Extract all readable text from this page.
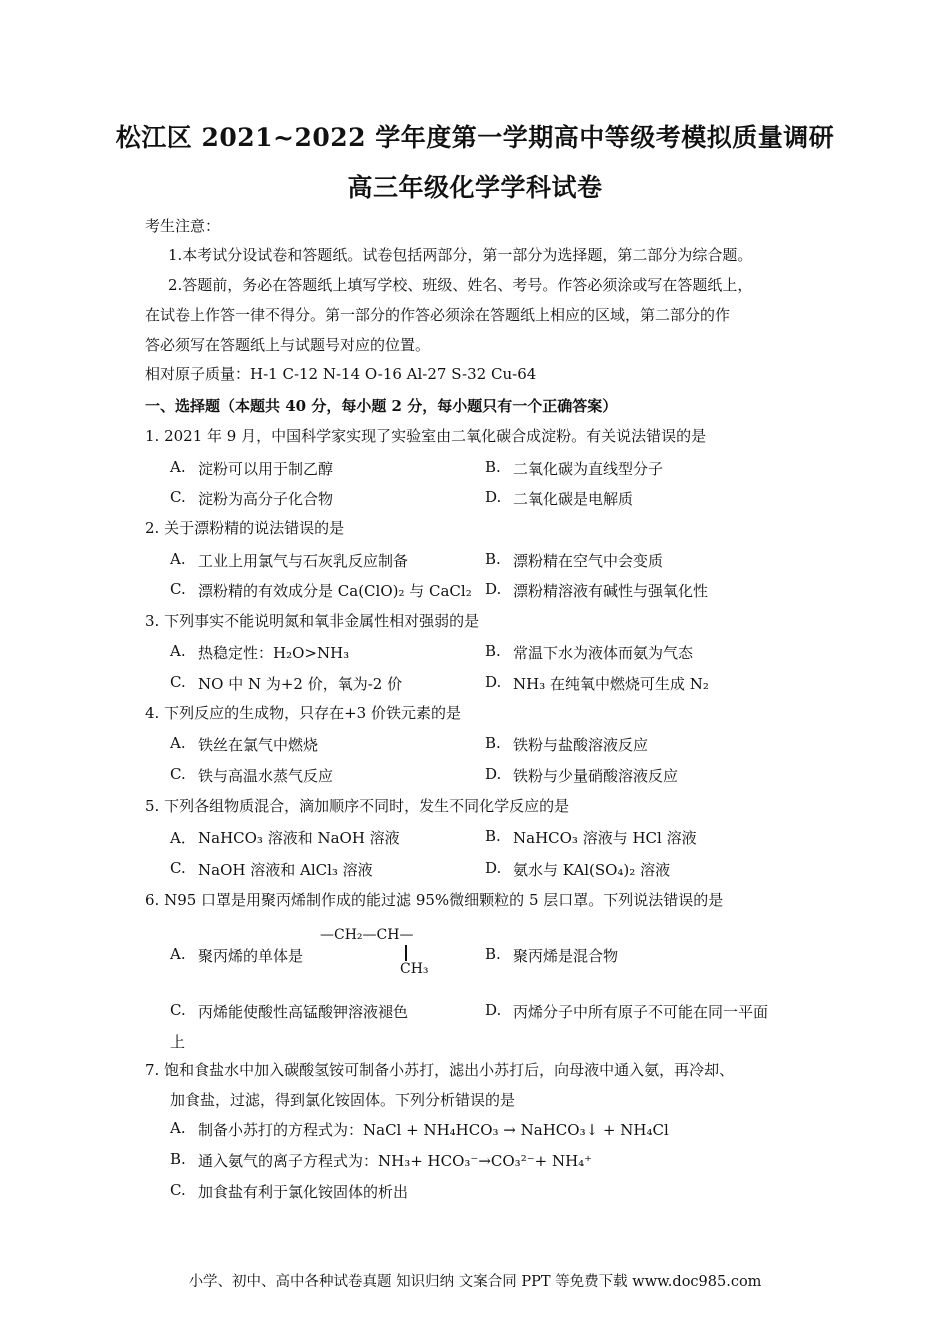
松江区 2021~2022 学年度第一学期高中等级考模拟质量调研
高三年级化学学科试卷
考生注意：
1.本考试分设试卷和答题纸。试卷包括两部分，第一部分为选择题，第二部分为综合题。
2.答题前，务必在答题纸上填写学校、班级、姓名、考号。作答必须涂或写在答题纸上，
在试卷上作答一律不得分。第一部分的作答必须涂在答题纸上相应的区域，第二部分的作
答必须写在答题纸上与试题号对应的位置。
相对原子质量：H-1 C-12 N-14 O-16 Al-27 S-32 Cu-64
一、选择题（本题共 40 分，每小题 2 分，每小题只有一个正确答案）
1. 2021 年 9 月，中国科学家实现了实验室由二氧化碳合成淀粉。有关说法错误的是
A. 淀粉可以用于制乙醇	B. 二氧化碳为直线型分子
C. 淀粉为高分子化合物	D. 二氧化碳是电解质
2. 关于漂粉精的说法错误的是
A. 工业上用氯气与石灰乳反应制备	B. 漂粉精在空气中会变质
C. 漂粉精的有效成分是 Ca(ClO)₂ 与 CaCl₂ D. 漂粉精溶液有碱性与强氧化性
3. 下列事实不能说明氮和氧非金属性相对强弱的是
A. 热稳定性：H₂O>NH₃	B. 常温下水为液体而氨为气态
C. NO 中 N 为+2 价，氧为-2 价	D. NH₃ 在纯氧中燃烧可生成 N₂
4. 下列反应的生成物，只存在+3 价铁元素的是
A. 铁丝在氯气中燃烧	B. 铁粉与盐酸溶液反应
C. 铁与高温水蒸气反应	D. 铁粉与少量硝酸溶液反应
5. 下列各组物质混合，滴加顺序不同时，发生不同化学反应的是
A． NaHCO₃ 溶液和 NaOH 溶液	B. NaHCO₃ 溶液与 HCl 溶液
C. NaOH 溶液和 AlCl₃ 溶液	D. 氨水与 KAl(SO₄)₂ 溶液
6. N95 口罩是用聚丙烯制作成的能过滤 95%微细颗粒的 5 层口罩。下列说法错误的是
A. 聚丙烯的单体是
—CH₂—CH—
CH₃
B. 聚丙烯是混合物
C. 丙烯能使酸性高锰酸钾溶液褪色	D. 丙烯分子中所有原子不可能在同一平面
上
7. 饱和食盐水中加入碳酸氢铵可制备小苏打，滤出小苏打后，向母液中通入氨，再冷却、
加食盐，过滤，得到氯化铵固体。下列分析错误的是
A. 制备小苏打的方程式为：NaCl + NH₄HCO₃ → NaHCO₃↓ + NH₄Cl
B. 通入氨气的离子方程式为：NH₃+ HCO₃⁻→CO₃²⁻+ NH₄⁺
C. 加食盐有利于氯化铵固体的析出
小学、初中、高中各种试卷真题 知识归纳 文案合同 PPT 等免费下载 www.doc985.com
